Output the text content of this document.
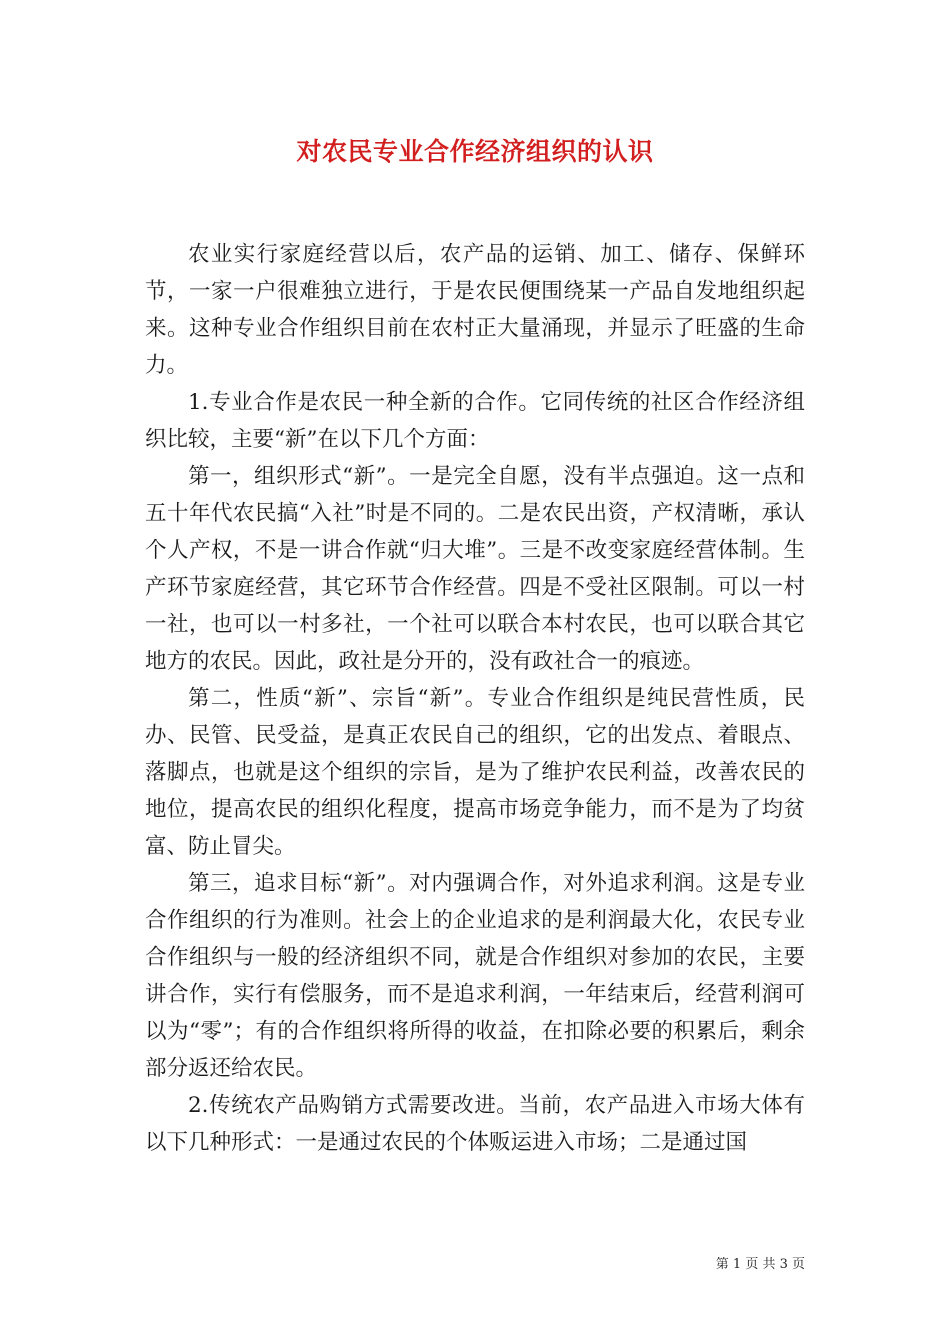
对农民专业合作经济组织的认识

农业实行家庭经营以后，农产品的运销、加工、储存、保鲜环节，一家一户很难独立进行，于是农民便围绕某一产品自发地组织起来。这种专业合作组织目前在农村正大量涌现，并显示了旺盛的生命力。

1.专业合作是农民一种全新的合作。它同传统的社区合作经济组织比较，主要“新”在以下几个方面：

第一，组织形式“新”。一是完全自愿，没有半点强迫。这一点和五十年代农民搞“入社”时是不同的。二是农民出资，产权清晰，承认个人产权，不是一讲合作就“归大堆”。三是不改变家庭经营体制。生产环节家庭经营，其它环节合作经营。四是不受社区限制。可以一村一社，也可以一村多社，一个社可以联合本村农民，也可以联合其它地方的农民。因此，政社是分开的，没有政社合一的痕迹。

第二，性质“新”、宗旨“新”。专业合作组织是纯民营性质，民办、民管、民受益，是真正农民自己的组织，它的出发点、着眼点、落脚点，也就是这个组织的宗旨，是为了维护农民利益，改善农民的地位，提高农民的组织化程度，提高市场竞争能力，而不是为了均贫富、防止冒尖。

第三，追求目标“新”。对内强调合作，对外追求利润。这是专业合作组织的行为准则。社会上的企业追求的是利润最大化，农民专业合作组织与一般的经济组织不同，就是合作组织对参加的农民，主要讲合作，实行有偿服务，而不是追求利润，一年结束后，经营利润可以为“零”；有的合作组织将所得的收益，在扣除必要的积累后，剩余部分返还给农民。

2.传统农产品购销方式需要改进。当前，农产品进入市场大体有以下几种形式：一是通过农民的个体贩运进入市场；二是通过国

第 1 页 共 3 页
